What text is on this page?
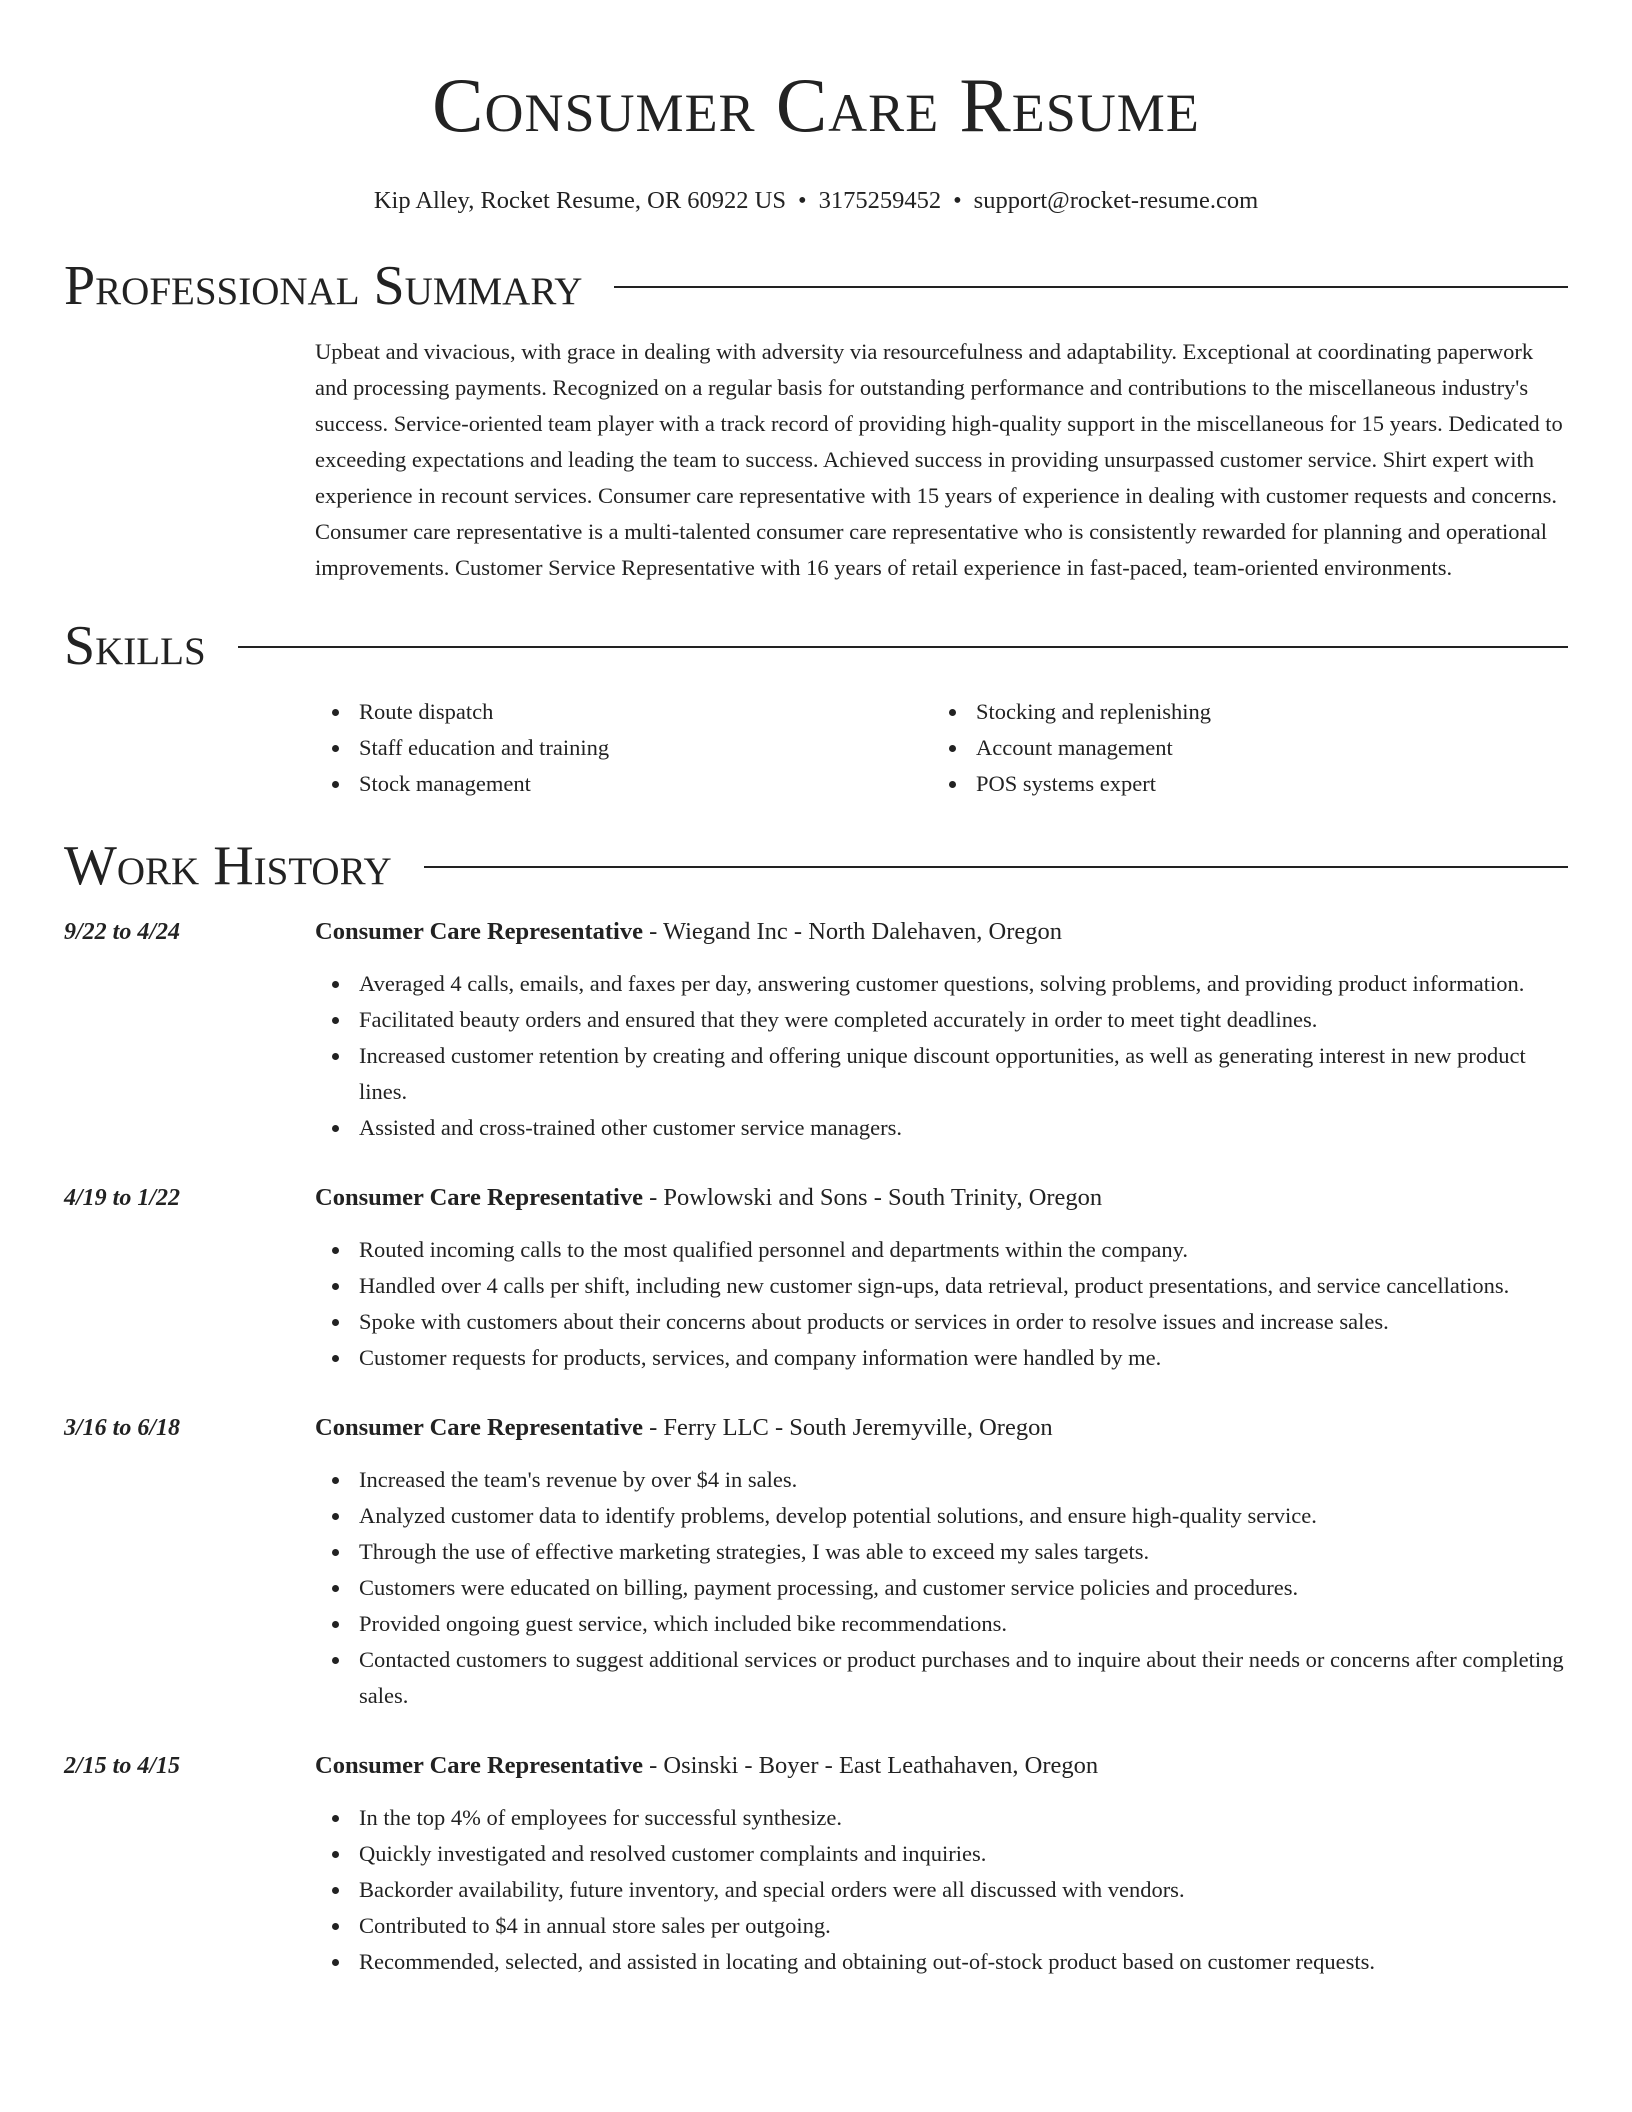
Consumer Care Resume
Kip Alley, Rocket Resume, OR 60922 US • 3175259452 • support@rocket-resume.com
Professional Summary
Upbeat and vivacious, with grace in dealing with adversity via resourcefulness and adaptability. Exceptional at coordinating paperwork and processing payments. Recognized on a regular basis for outstanding performance and contributions to the miscellaneous industry's success. Service-oriented team player with a track record of providing high-quality support in the miscellaneous for 15 years. Dedicated to exceeding expectations and leading the team to success. Achieved success in providing unsurpassed customer service. Shirt expert with experience in recount services. Consumer care representative with 15 years of experience in dealing with customer requests and concerns. Consumer care representative is a multi-talented consumer care representative who is consistently rewarded for planning and operational improvements. Customer Service Representative with 16 years of retail experience in fast-paced, team-oriented environments.
Skills
Route dispatch
Staff education and training
Stock management
Stocking and replenishing
Account management
POS systems expert
Work History
9/22 to 4/24	Consumer Care Representative - Wiegand Inc - North Dalehaven, Oregon
Averaged 4 calls, emails, and faxes per day, answering customer questions, solving problems, and providing product information.
Facilitated beauty orders and ensured that they were completed accurately in order to meet tight deadlines.
Increased customer retention by creating and offering unique discount opportunities, as well as generating interest in new product lines.
Assisted and cross-trained other customer service managers.
4/19 to 1/22	Consumer Care Representative - Powlowski and Sons - South Trinity, Oregon
Routed incoming calls to the most qualified personnel and departments within the company.
Handled over 4 calls per shift, including new customer sign-ups, data retrieval, product presentations, and service cancellations.
Spoke with customers about their concerns about products or services in order to resolve issues and increase sales.
Customer requests for products, services, and company information were handled by me.
3/16 to 6/18	Consumer Care Representative - Ferry LLC - South Jeremyville, Oregon
Increased the team's revenue by over $4 in sales.
Analyzed customer data to identify problems, develop potential solutions, and ensure high-quality service.
Through the use of effective marketing strategies, I was able to exceed my sales targets.
Customers were educated on billing, payment processing, and customer service policies and procedures.
Provided ongoing guest service, which included bike recommendations.
Contacted customers to suggest additional services or product purchases and to inquire about their needs or concerns after completing sales.
2/15 to 4/15	Consumer Care Representative - Osinski - Boyer - East Leathahaven, Oregon
In the top 4% of employees for successful synthesize.
Quickly investigated and resolved customer complaints and inquiries.
Backorder availability, future inventory, and special orders were all discussed with vendors.
Contributed to $4 in annual store sales per outgoing.
Recommended, selected, and assisted in locating and obtaining out-of-stock product based on customer requests.
